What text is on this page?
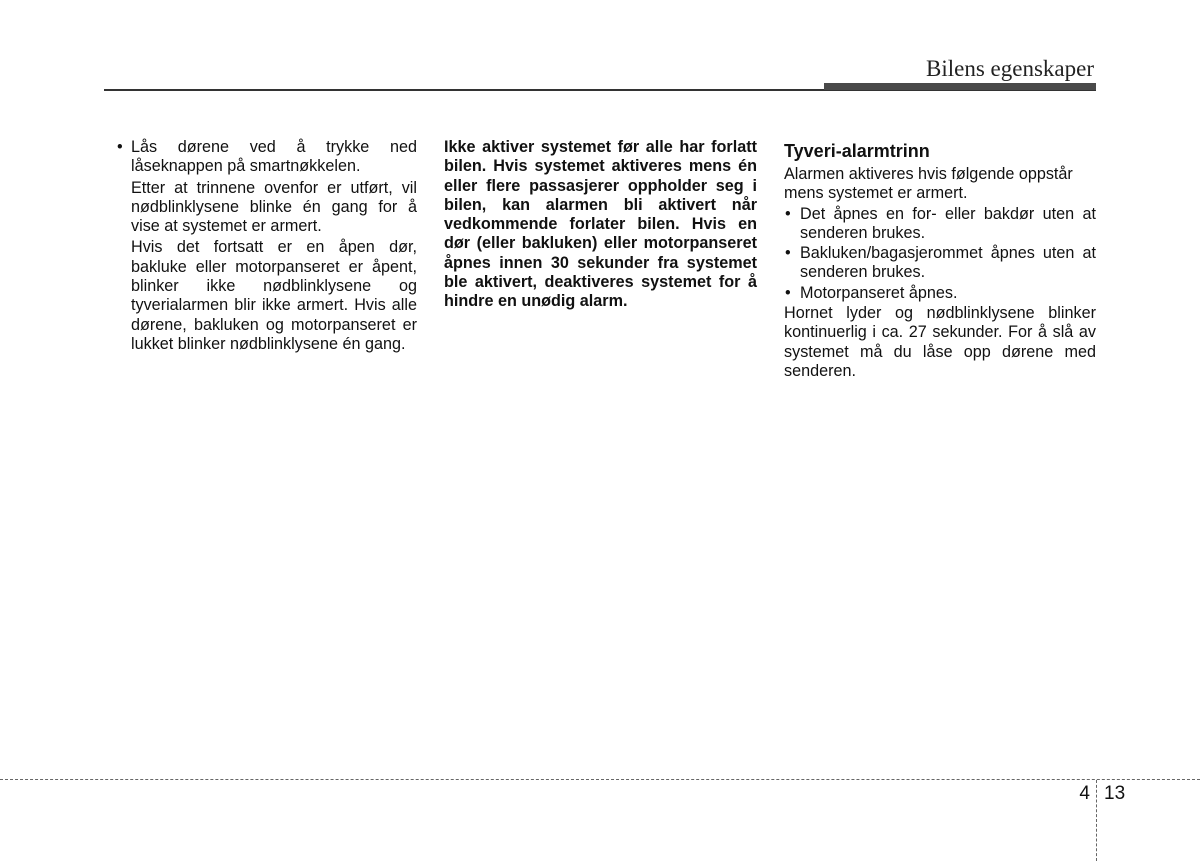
Bilens egenskaper
• Lås dørene ved å trykke ned låseknappen på smartnøkkelen.

Etter at trinnene ovenfor er utført, vil nødblinklysene blinke én gang for å vise at systemet er armert.

Hvis det fortsatt er en åpen dør, bakluke eller motorpanseret er åpent, blinker ikke nødblinklysene og tyverialarmen blir ikke armert. Hvis alle dørene, bakluken og motorpanseret er lukket blinker nødblinklysene én gang.

Ikke aktiver systemet før alle har forlatt bilen. Hvis systemet aktiveres mens én eller flere passasjerer oppholder seg i bilen, kan alarmen bli aktivert når vedkommende forlater bilen. Hvis en dør (eller bakluken) eller motorpanseret åpnes innen 30 sekunder fra systemet ble aktivert, deaktiveres systemet for å hindre en unødig alarm.

Tyveri-alarmtrinn

Alarmen aktiveres hvis følgende oppstår mens systemet er armert.

• Det åpnes en for- eller bakdør uten at senderen brukes.
• Bakluken/bagasjerommet åpnes uten at senderen brukes.
• Motorpanseret åpnes.

Hornet lyder og nødblinklysene blinker kontinuerlig i ca. 27 sekunder. For å slå av systemet må du låse opp dørene med senderen.

4 13
